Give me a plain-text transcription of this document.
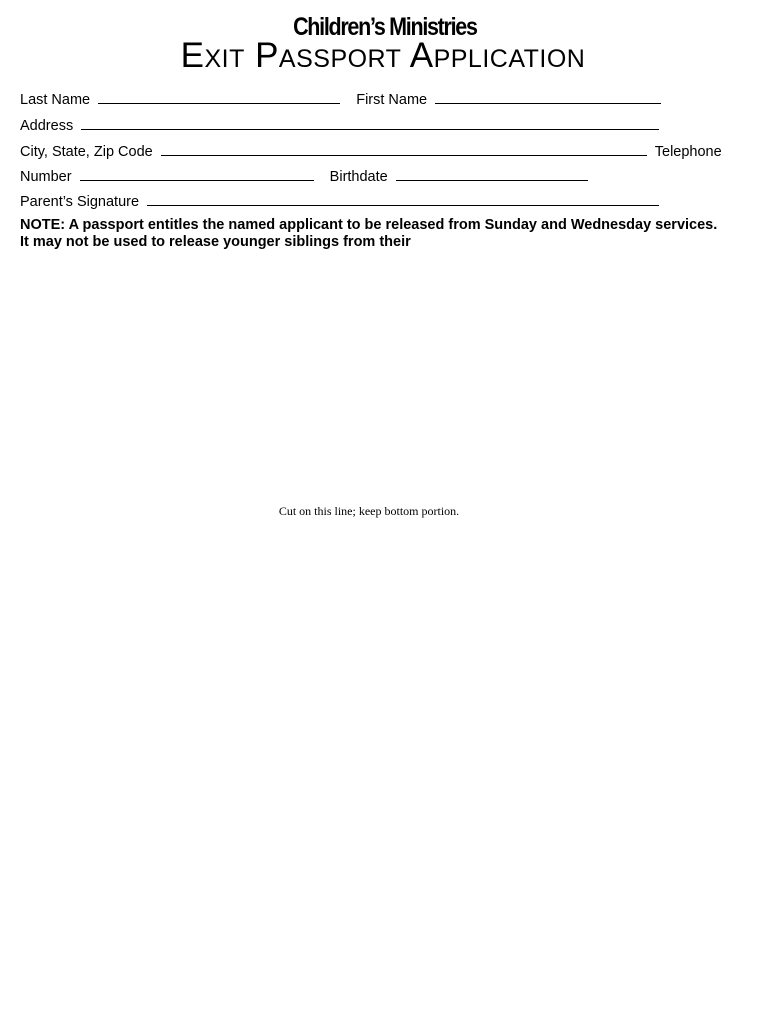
Children’s Ministries
Exit Passport Application
Last Name	First Name
Address
City, State, Zip Code	Telephone
Number	Birthdate
Parent’s Signature
NOTE: A passport entitles the named applicant to be released from Sunday and Wednesday services. It may not be used to release younger siblings from their
Cut on this line; keep bottom portion.
